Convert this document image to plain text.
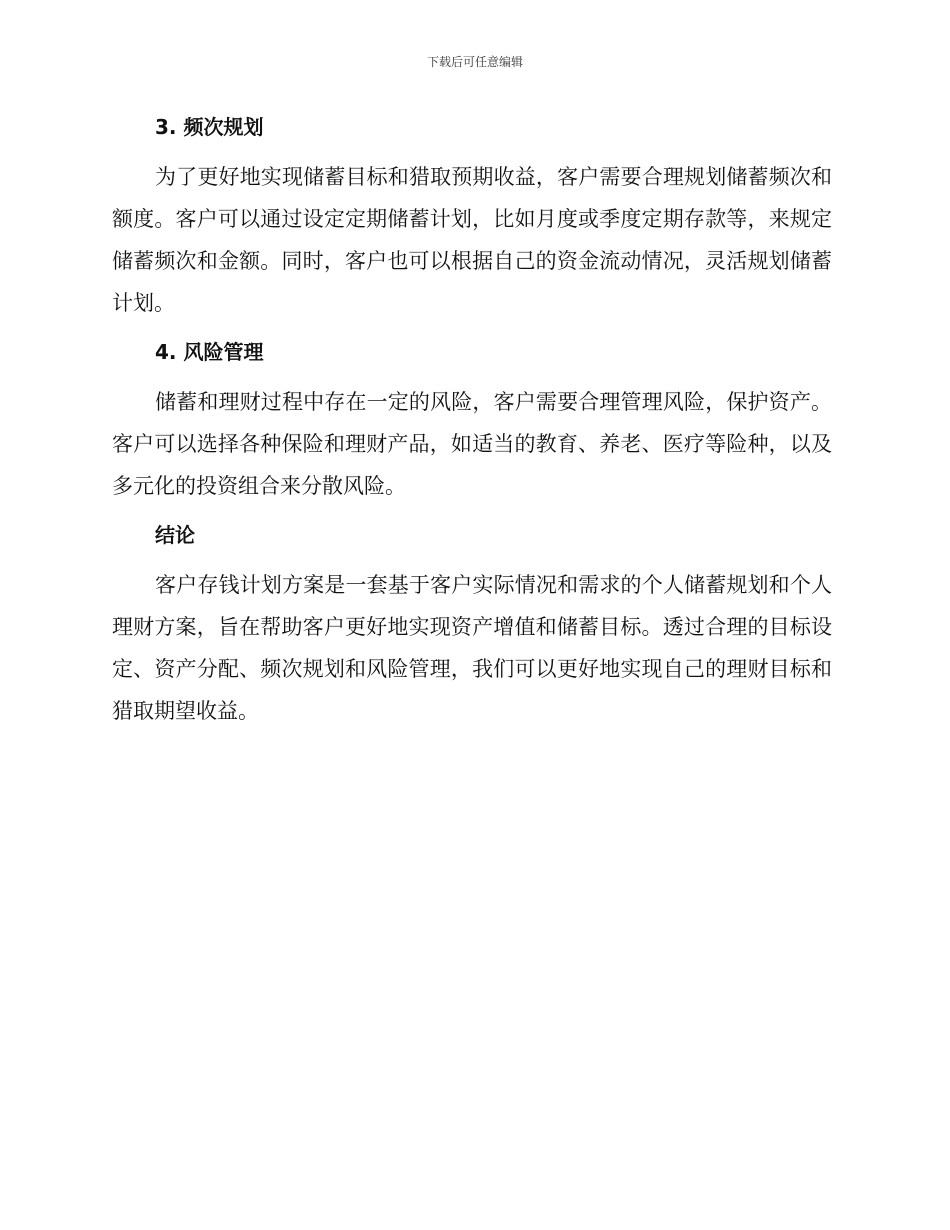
下载后可任意编辑
3. 频次规划

为了更好地实现储蓄目标和猎取预期收益，客户需要合理规划储蓄频次和额度。客户可以通过设定定期储蓄计划，比如月度或季度定期存款等，来规定储蓄频次和金额。同时，客户也可以根据自己的资金流动情况，灵活规划储蓄计划。

4. 风险管理

储蓄和理财过程中存在一定的风险，客户需要合理管理风险，保护资产。客户可以选择各种保险和理财产品，如适当的教育、养老、医疗等险种，以及多元化的投资组合来分散风险。

结论

客户存钱计划方案是一套基于客户实际情况和需求的个人储蓄规划和个人理财方案，旨在帮助客户更好地实现资产增值和储蓄目标。透过合理的目标设定、资产分配、频次规划和风险管理，我们可以更好地实现自己的理财目标和猎取期望收益。
